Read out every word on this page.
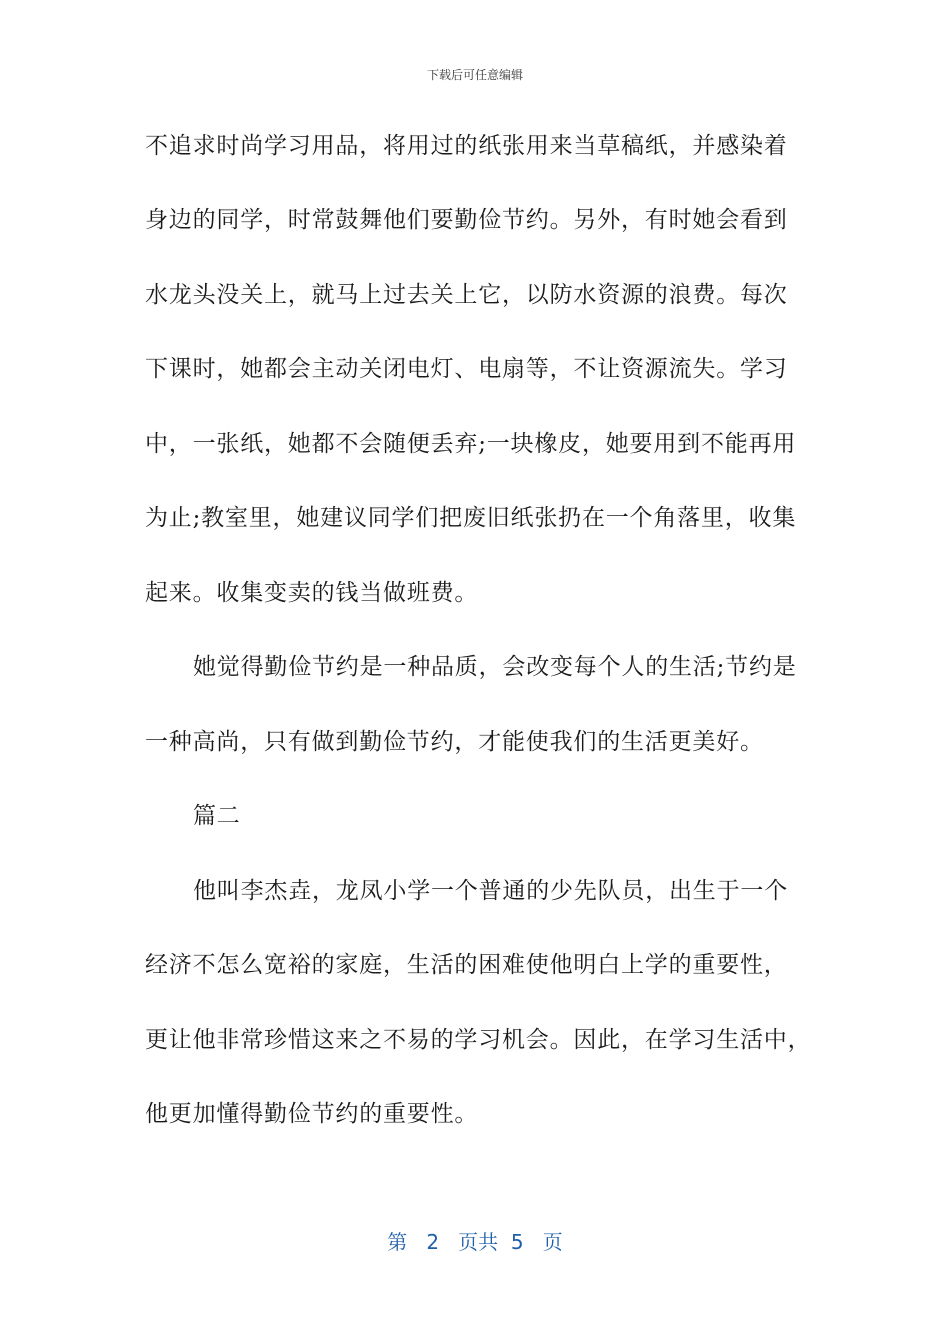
下载后可任意编辑
不追求时尚学习用品，将用过的纸张用来当草稿纸，并感染着
身边的同学，时常鼓舞他们要勤俭节约。另外，有时她会看到
水龙头没关上，就马上过去关上它，以防水资源的浪费。每次
下课时，她都会主动关闭电灯、电扇等，不让资源流失。学习
中，一张纸，她都不会随便丢弃;一块橡皮，她要用到不能再用
为止;教室里，她建议同学们把废旧纸张扔在一个角落里，收集
起来。收集变卖的钱当做班费。
她觉得勤俭节约是一种品质，会改变每个人的生活;节约是
一种高尚，只有做到勤俭节约，才能使我们的生活更美好。
篇二
他叫李杰垚，龙凤小学一个普通的少先队员，出生于一个
经济不怎么宽裕的家庭，生活的困难使他明白上学的重要性，
更让他非常珍惜这来之不易的学习机会。因此，在学习生活中，
他更加懂得勤俭节约的重要性。
第 2 页共 5 页
